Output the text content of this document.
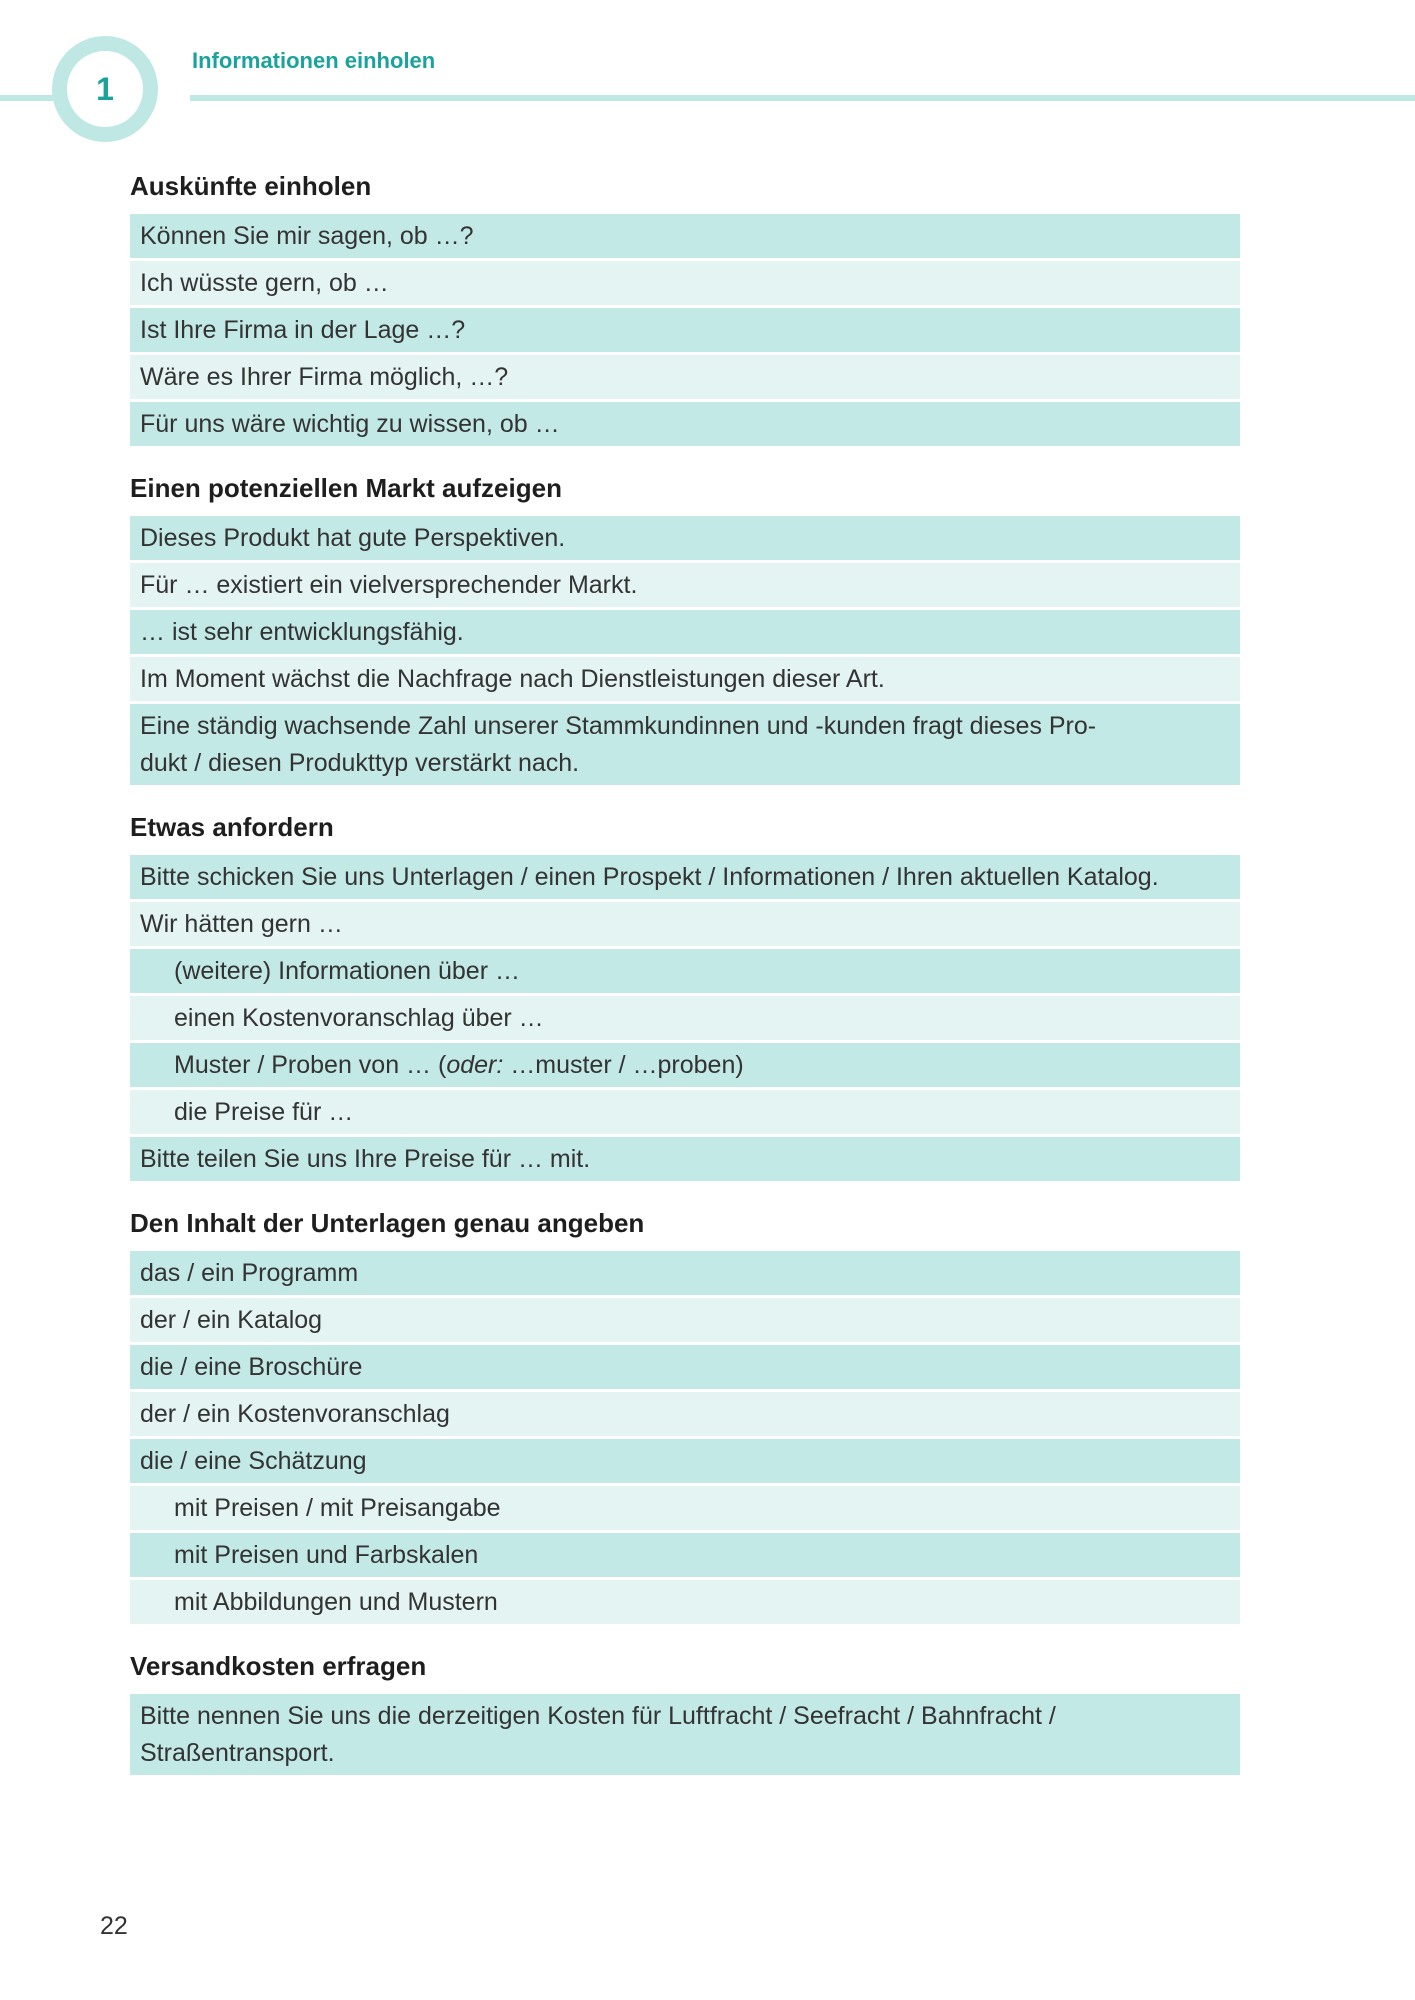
1
Informationen einholen
Auskünfte einholen
Können Sie mir sagen, ob …?
Ich wüsste gern, ob …
Ist Ihre Firma in der Lage …?
Wäre es Ihrer Firma möglich, …?
Für uns wäre wichtig zu wissen, ob …
Einen potenziellen Markt aufzeigen
Dieses Produkt hat gute Perspektiven.
Für … existiert ein vielversprechender Markt.
… ist sehr entwicklungsfähig.
Im Moment wächst die Nachfrage nach Dienstleistungen dieser Art.
Eine ständig wachsende Zahl unserer Stammkundinnen und -kunden fragt dieses Pro-
dukt / diesen Produkttyp verstärkt nach.
Etwas anfordern
Bitte schicken Sie uns Unterlagen / einen Prospekt / Informationen / Ihren aktuellen Katalog.
Wir hätten gern …
(weitere) Informationen über …
einen Kostenvoranschlag über …
Muster / Proben von … (oder: …muster / …proben)
die Preise für …
Bitte teilen Sie uns Ihre Preise für … mit.
Den Inhalt der Unterlagen genau angeben
das / ein Programm
der / ein Katalog
die / eine Broschüre
der / ein Kostenvoranschlag
die / eine Schätzung
mit Preisen / mit Preisangabe
mit Preisen und Farbskalen
mit Abbildungen und Mustern
Versandkosten erfragen
Bitte nennen Sie uns die derzeitigen Kosten für Luftfracht / Seefracht / Bahnfracht /
Straßentransport.
22
